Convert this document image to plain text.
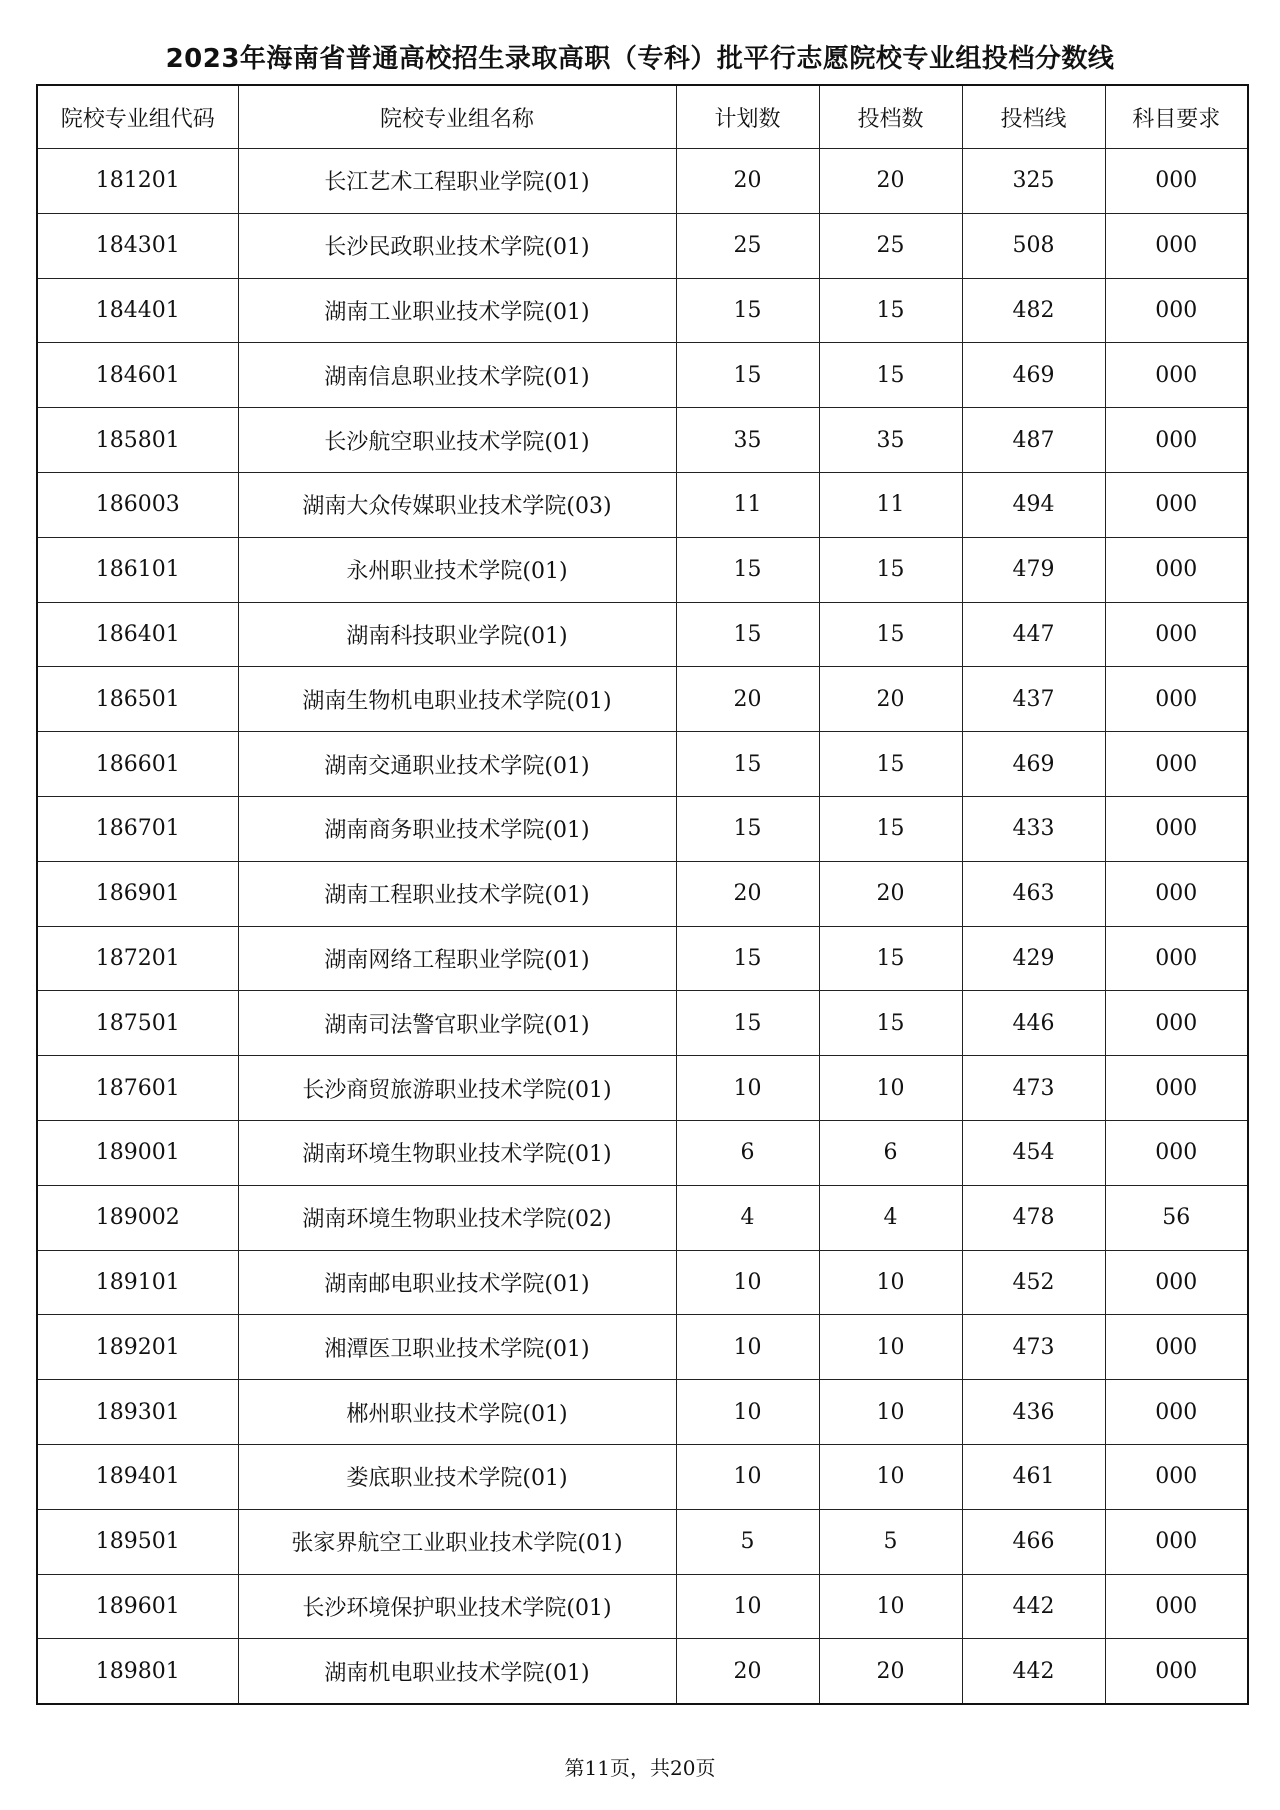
2023年海南省普通高校招生录取高职（专科）批平行志愿院校专业组投档分数线
院校专业组代码	院校专业组名称	计划数	投档数	投档线	科目要求
181201	长江艺术工程职业学院(01)	20	20	325	000
184301	长沙民政职业技术学院(01)	25	25	508	000
184401	湖南工业职业技术学院(01)	15	15	482	000
184601	湖南信息职业技术学院(01)	15	15	469	000
185801	长沙航空职业技术学院(01)	35	35	487	000
186003	湖南大众传媒职业技术学院(03)	11	11	494	000
186101	永州职业技术学院(01)	15	15	479	000
186401	湖南科技职业学院(01)	15	15	447	000
186501	湖南生物机电职业技术学院(01)	20	20	437	000
186601	湖南交通职业技术学院(01)	15	15	469	000
186701	湖南商务职业技术学院(01)	15	15	433	000
186901	湖南工程职业技术学院(01)	20	20	463	000
187201	湖南网络工程职业学院(01)	15	15	429	000
187501	湖南司法警官职业学院(01)	15	15	446	000
187601	长沙商贸旅游职业技术学院(01)	10	10	473	000
189001	湖南环境生物职业技术学院(01)	6	6	454	000
189002	湖南环境生物职业技术学院(02)	4	4	478	56
189101	湖南邮电职业技术学院(01)	10	10	452	000
189201	湘潭医卫职业技术学院(01)	10	10	473	000
189301	郴州职业技术学院(01)	10	10	436	000
189401	娄底职业技术学院(01)	10	10	461	000
189501	张家界航空工业职业技术学院(01)	5	5	466	000
189601	长沙环境保护职业技术学院(01)	10	10	442	000
189801	湖南机电职业技术学院(01)	20	20	442	000
第11页，共20页
